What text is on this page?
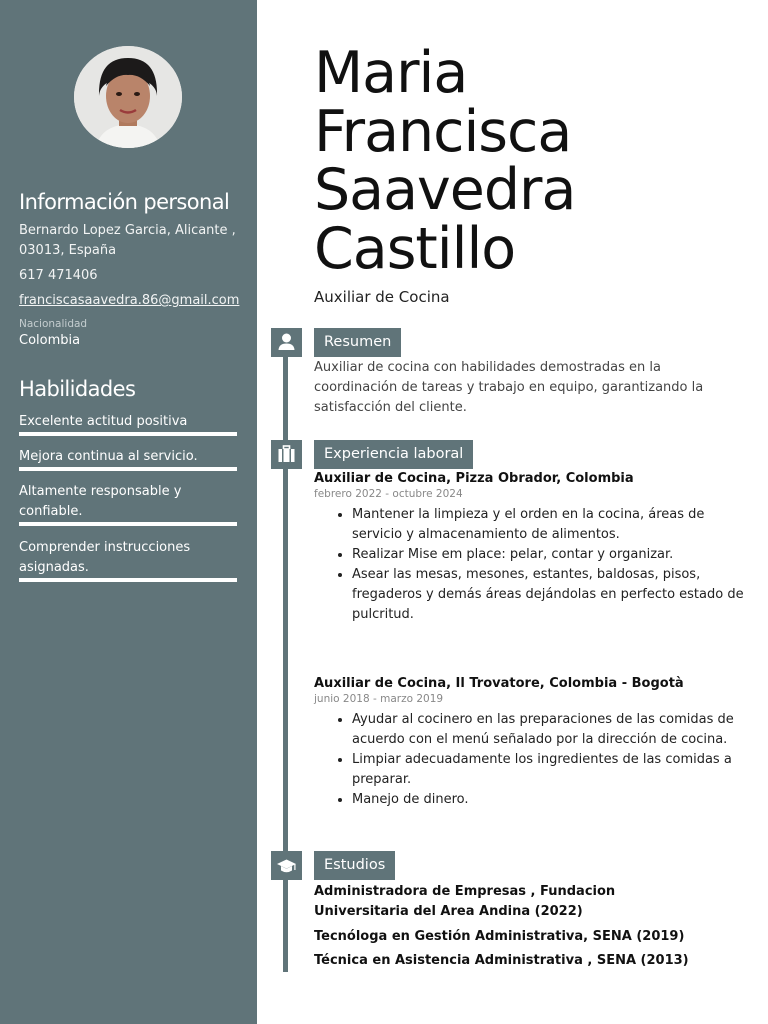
Información personal
Bernardo Lopez Garcia, Alicante ,
03013, España
617 471406
franciscasaavedra.86@gmail.com
Nacionalidad
Colombia
Habilidades
Excelente actitud positiva
Mejora continua al servicio.
Altamente responsable y confiable.
Comprender instrucciones asignadas.
Maria
Francisca
Saavedra
Castillo
Auxiliar de Cocina
Resumen
Auxiliar de cocina con habilidades demostradas en la coordinación de tareas y trabajo en equipo, garantizando la satisfacción del cliente.
Experiencia laboral
Auxiliar de Cocina, Pizza Obrador, Colombia
febrero 2022 - octubre 2024
• Mantener la limpieza y el orden en la cocina, áreas de servicio y almacenamiento de alimentos.
• Realizar Mise em place: pelar, contar y organizar.
• Asear las mesas, mesones, estantes, baldosas, pisos, fregaderos y demás áreas dejándolas en perfecto estado de pulcritud.
Auxiliar de Cocina, Il Trovatore, Colombia - Bogotà
junio 2018 - marzo 2019
• Ayudar al cocinero en las preparaciones de las comidas de acuerdo con el menú señalado por la dirección de cocina.
• Limpiar adecuadamente los ingredientes de las comidas a preparar.
• Manejo de dinero.
Estudios
Administradora de Empresas , Fundacion Universitaria del Area Andina (2022)
Tecnóloga en Gestión Administrativa, SENA (2019)
Técnica en Asistencia Administrativa , SENA (2013)
